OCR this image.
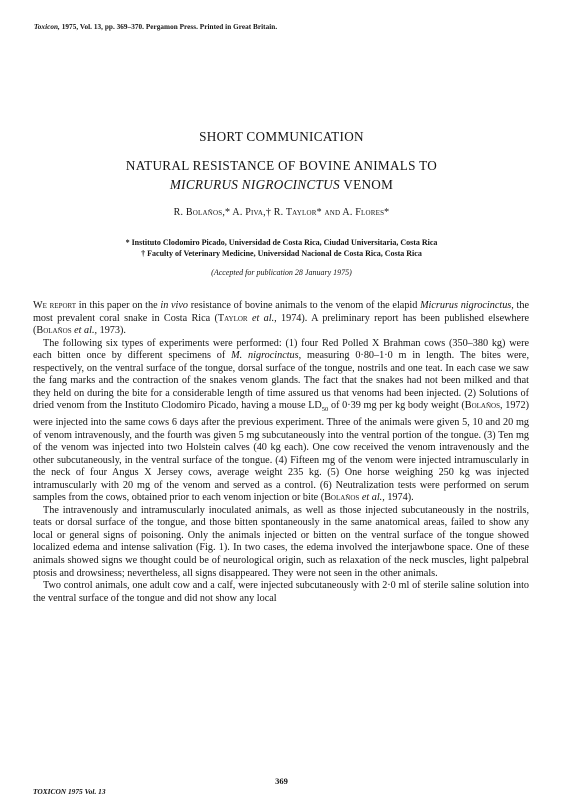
Toxicon, 1975, Vol. 13, pp. 369–370. Pergamon Press. Printed in Great Britain.
SHORT COMMUNICATION
NATURAL RESISTANCE OF BOVINE ANIMALS TO
MICRURUS NIGROCINCTUS VENOM
R. Bolaños,* A. Piva,† R. Taylor* and A. Flores*
* Instituto Clodomiro Picado, Universidad de Costa Rica, Ciudad Universitaria, Costa Rica
† Faculty of Veterinary Medicine, Universidad Nacional de Costa Rica, Costa Rica
(Accepted for publication 28 January 1975)

We report in this paper on the in vivo resistance of bovine animals to the venom of the elapid Micrurus nigrocinctus, the most prevalent coral snake in Costa Rica (Taylor et al., 1974). A preliminary report has been published elsewhere (Bolaños et al., 1973).

The following six types of experiments were performed: (1) four Red Polled X Brahman cows (350–380 kg) were each bitten once by different specimens of M. nigrocinctus, measuring 0·80–1·0 m in length. The bites were, respectively, on the ventral surface of the tongue, dorsal surface of the tongue, nostrils and one teat. In each case we saw the fang marks and the contraction of the snakes venom glands. The fact that the snakes had not been milked and that they held on during the bite for a considerable length of time assured us that venoms had been injected. (2) Solutions of dried venom from the Instituto Clodomiro Picado, having a mouse $LD_{50}$ of 0·39 mg per kg body weight (Bolaños, 1972) were injected into the same cows 6 days after the previous experiment. Three of the animals were given 5, 10 and 20 mg of venom intravenously, and the fourth was given 5 mg subcutaneously into the ventral portion of the tongue. (3) Ten mg of the venom was injected into two Holstein calves (40 kg each). One cow received the venom intravenously and the other subcutaneously, in the ventral surface of the tongue. (4) Fifteen mg of the venom were injected intramuscularly in the neck of four Angus X Jersey cows, average weight 235 kg. (5) One horse weighing 250 kg was injected intramuscularly with 20 mg of the venom and served as a control. (6) Neutralization tests were performed on serum samples from the cows, obtained prior to each venom injection or bite (Bolaños et al., 1974).

The intravenously and intramuscularly inoculated animals, as well as those injected subcutaneously in the nostrils, teats or dorsal surface of the tongue, and those bitten spontaneously in the same anatomical areas, failed to show any local or general signs of poisoning. Only the animals injected or bitten on the ventral surface of the tongue showed localized edema and intense salivation (Fig. 1). In two cases, the edema involved the interjawbone space. One of these animals showed signs we thought could be of neurological origin, such as relaxation of the neck muscles, light palpebral ptosis and drowsiness; nevertheless, all signs disappeared. They were not seen in the other animals.

Two control animals, one adult cow and a calf, were injected subcutaneously with 2·0 ml of sterile saline solution into the ventral surface of the tongue and did not show any local

369
TOXICON 1975 Vol. 13
